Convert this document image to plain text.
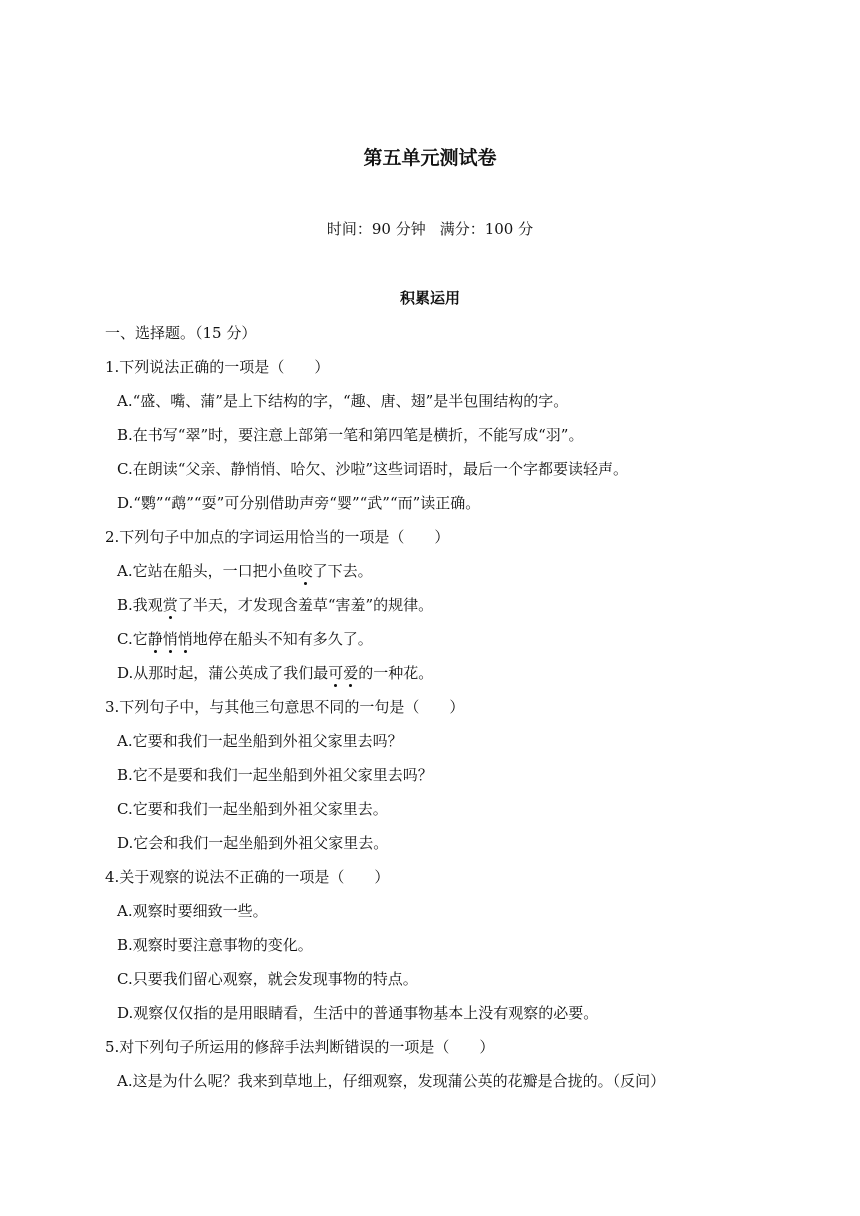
第五单元测试卷
时间：90 分钟 满分：100 分
积累运用
一、选择题。（15 分）
1.下列说法正确的一项是（　　）
A.“盛、嘴、蒲”是上下结构的字，“趣、唐、翅”是半包围结构的字。
B.在书写“翠”时，要注意上部第一笔和第四笔是横折，不能写成“羽”。
C.在朗读“父亲、静悄悄、哈欠、沙啦”这些词语时，最后一个字都要读轻声。
D.“鹦”“鹉”“耍”可分别借助声旁“婴”“武”“而”读正确。
2.下列句子中加点的字词运用恰当的一项是（　　）
A.它站在船头，一口把小鱼咬了下去。
B.我观赏了半天，才发现含羞草“害羞”的规律。
C.它静悄悄地停在船头不知有多久了。
D.从那时起，蒲公英成了我们最可爱的一种花。
3.下列句子中，与其他三句意思不同的一句是（　　）
A.它要和我们一起坐船到外祖父家里去吗？
B.它不是要和我们一起坐船到外祖父家里去吗？
C.它要和我们一起坐船到外祖父家里去。
D.它会和我们一起坐船到外祖父家里去。
4.关于观察的说法不正确的一项是（　　）
A.观察时要细致一些。
B.观察时要注意事物的变化。
C.只要我们留心观察，就会发现事物的特点。
D.观察仅仅指的是用眼睛看，生活中的普通事物基本上没有观察的必要。
5.对下列句子所运用的修辞手法判断错误的一项是（　　）
A.这是为什么呢？我来到草地上，仔细观察，发现蒲公英的花瓣是合拢的。（反问）
